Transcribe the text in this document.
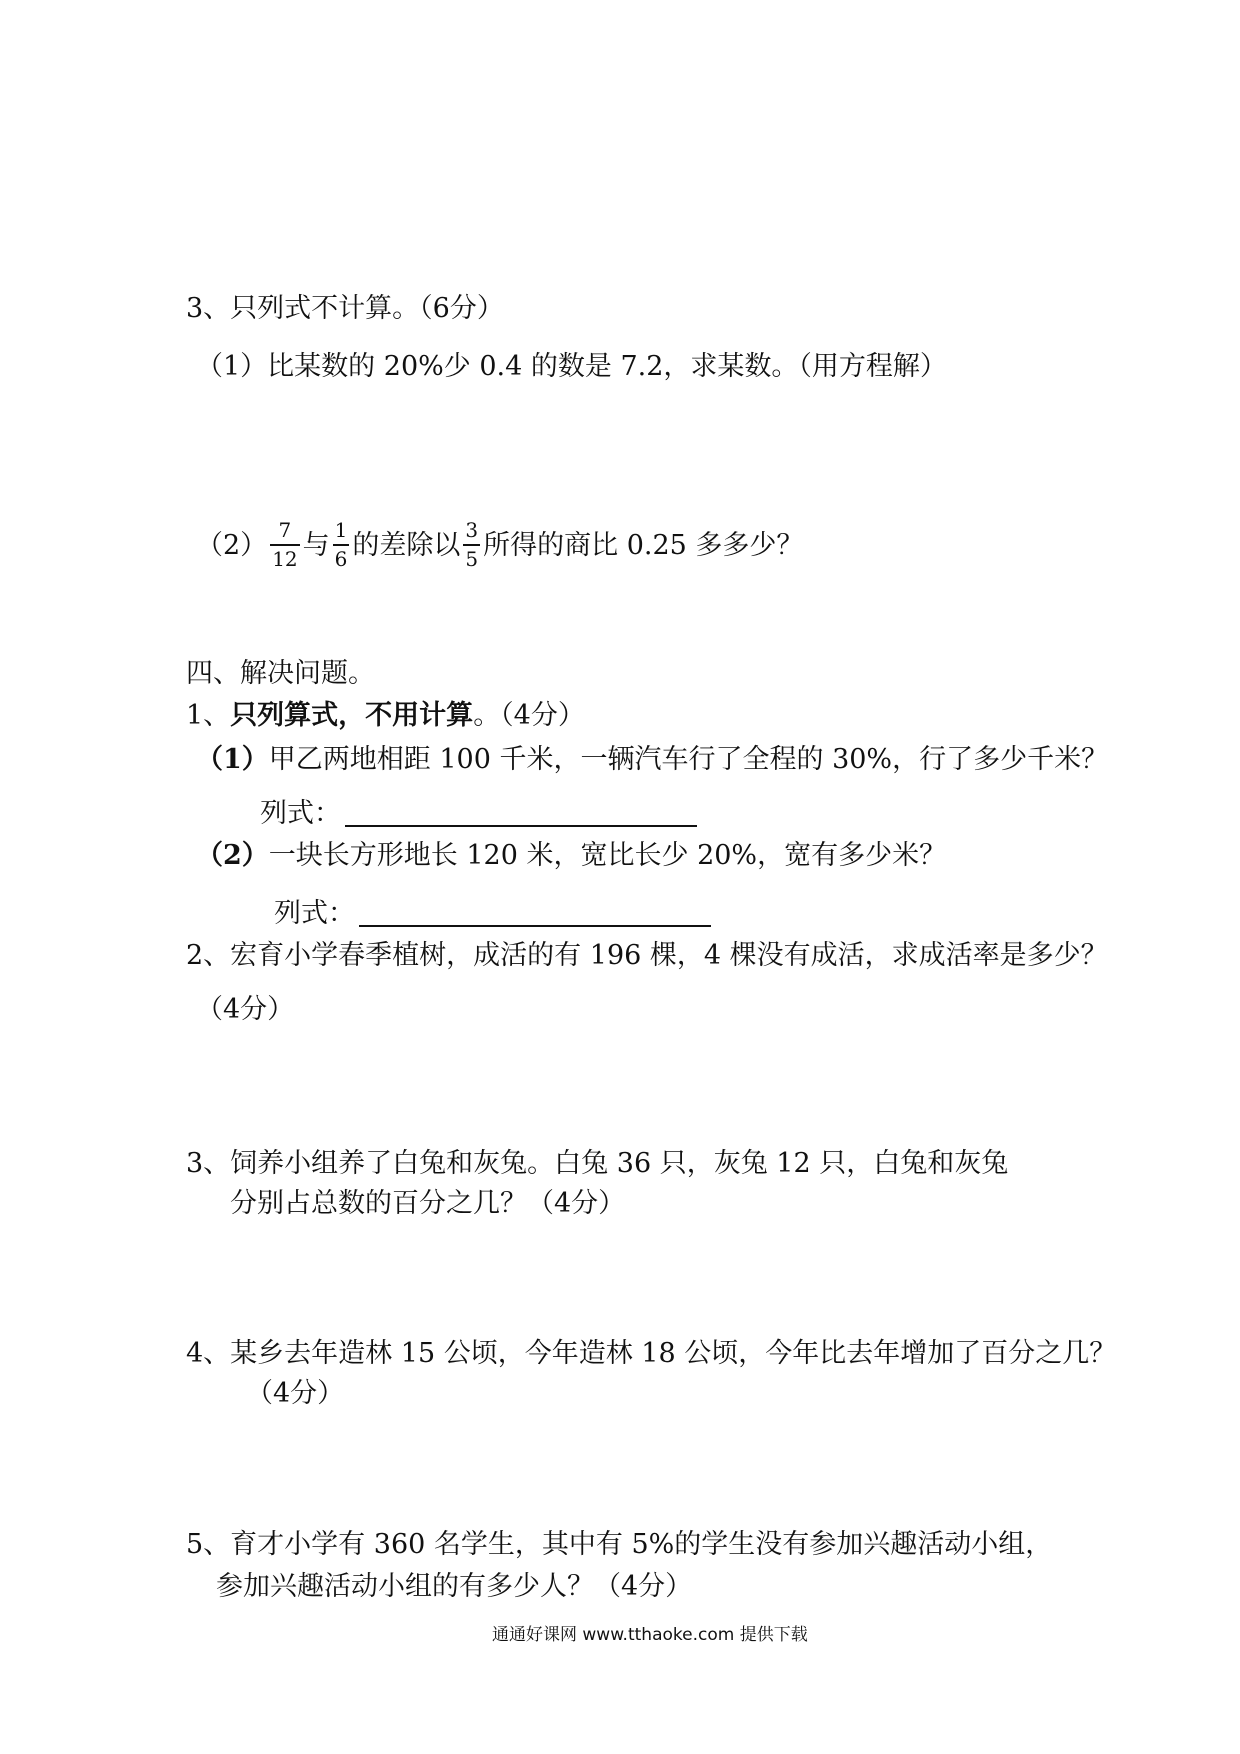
3、只列式不计算。（6分）
（1）比某数的 20%少 0.4 的数是 7.2，求某数。（用方程解）
$(2) \frac{7}{12}$ 与 $\frac{1}{6}$ 的差除以 $\frac{3}{5}$ 所得的商比 0.25 多多少？
四、解决问题。
1、只列算式，不用计算。（4分）
（1）甲乙两地相距 100 千米，一辆汽车行了全程的 30%，行了多少千米？
列式：
（2）一块长方形地长 120 米，宽比长少 20%，宽有多少米？
列式：
2、宏育小学春季植树，成活的有 196 棵，4 棵没有成活，求成活率是多少？
（4分）
3、饲养小组养了白兔和灰兔。白兔 36 只，灰兔 12 只，白兔和灰兔
分别占总数的百分之几？（4分）
4、某乡去年造林 15 公顷，今年造林 18 公顷，今年比去年增加了百分之几？
（4分）
5、育才小学有 360 名学生，其中有 5%的学生没有参加兴趣活动小组，
参加兴趣活动小组的有多少人？（4分）
通通好课网 www.tthaoke.com 提供下载
